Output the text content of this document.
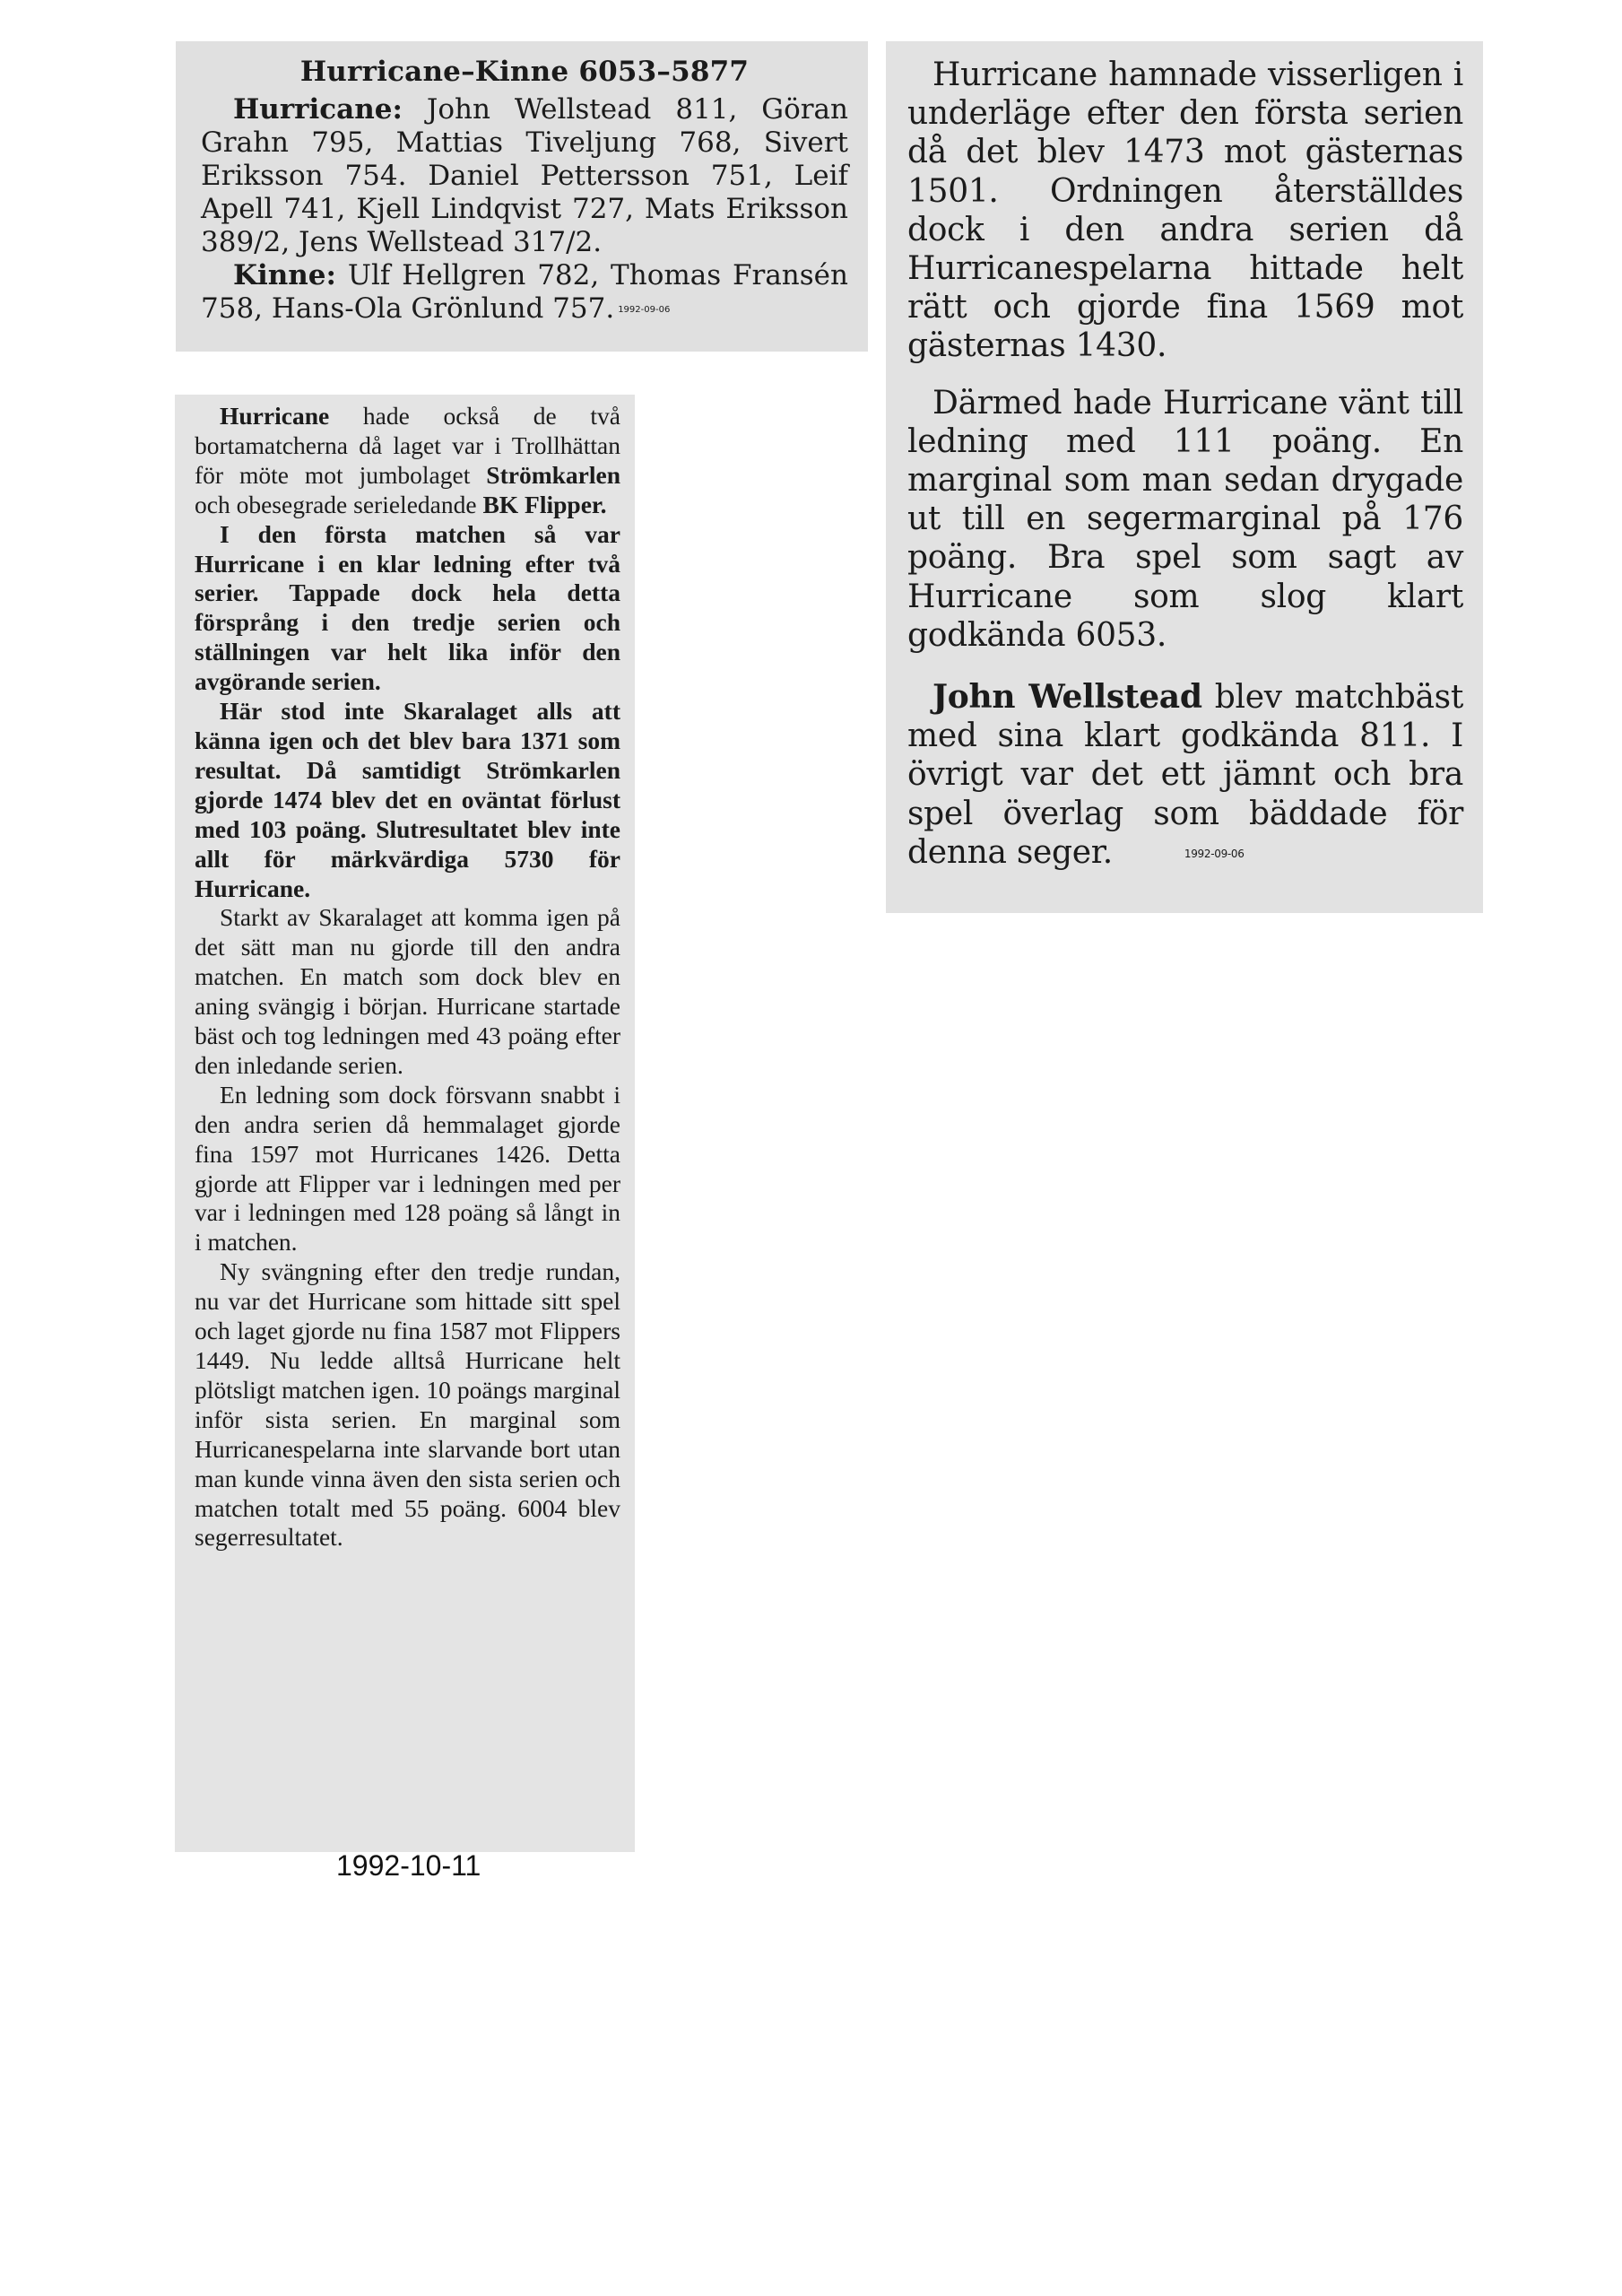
Hurricane–Kinne 6053–5877

Hurricane: John Wellstead 811, Göran Grahn 795, Mattias Tiveljung 768, Sivert Eriksson 754. Daniel Pettersson 751, Leif Apell 741, Kjell Lindqvist 727, Mats Eriksson 389/2, Jens Wellstead 317/2.

Kinne: Ulf Hellgren 782, Thomas Fransén 758, Hans-Ola Grönlund 757. 1992-09-06

Hurricane hade också de två bortamatcherna då laget var i Trollhättan för möte mot jumbolaget Strömkarlen och obesegrade serieledande BK Flipper.

I den första matchen så var Hurricane i en klar ledning efter två serier. Tappade dock hela detta försprång i den tredje serien och ställningen var helt lika inför den avgörande serien.

Här stod inte Skaralaget alls att känna igen och det blev bara 1371 som resultat. Då samtidigt Strömkarlen gjorde 1474 blev det en oväntat förlust med 103 poäng. Slutresultatet blev inte allt för märkvärdiga 5730 för Hurricane.

Starkt av Skaralaget att komma igen på det sätt man nu gjorde till den andra matchen. En match som dock blev en aning svängig i början. Hurricane startade bäst och tog ledningen med 43 poäng efter den inledande serien.

En ledning som dock försvann snabbt i den andra serien då hemmalaget gjorde fina 1597 mot Hurricanes 1426. Detta gjorde att Flipper var i ledningen med per var i ledningen med 128 poäng så långt in i matchen.

Ny svängning efter den tredje rundan, nu var det Hurricane som hittade sitt spel och laget gjorde nu fina 1587 mot Flippers 1449. Nu ledde alltså Hurricane helt plötsligt matchen igen. 10 poängs marginal inför sista serien. En marginal som Hurricanespelarna inte slarvande bort utan man kunde vinna även den sista serien och matchen totalt med 55 poäng. 6004 blev segerresultatet.

1992-10-11

Hurricane hamnade visserligen i underläge efter den första serien då det blev 1473 mot gästernas 1501. Ordningen återställdes dock i den andra serien då Hurricanespelarna hittade helt rätt och gjorde fina 1569 mot gästernas 1430.

Därmed hade Hurricane vänt till ledning med 111 poäng. En marginal som man sedan drygade ut till en segermarginal på 176 poäng. Bra spel som sagt av Hurricane som slog klart godkända 6053.

John Wellstead blev matchbäst med sina klart godkända 811. I övrigt var det ett jämnt och bra spel överlag som bäddade för denna seger.	1992-09-06
